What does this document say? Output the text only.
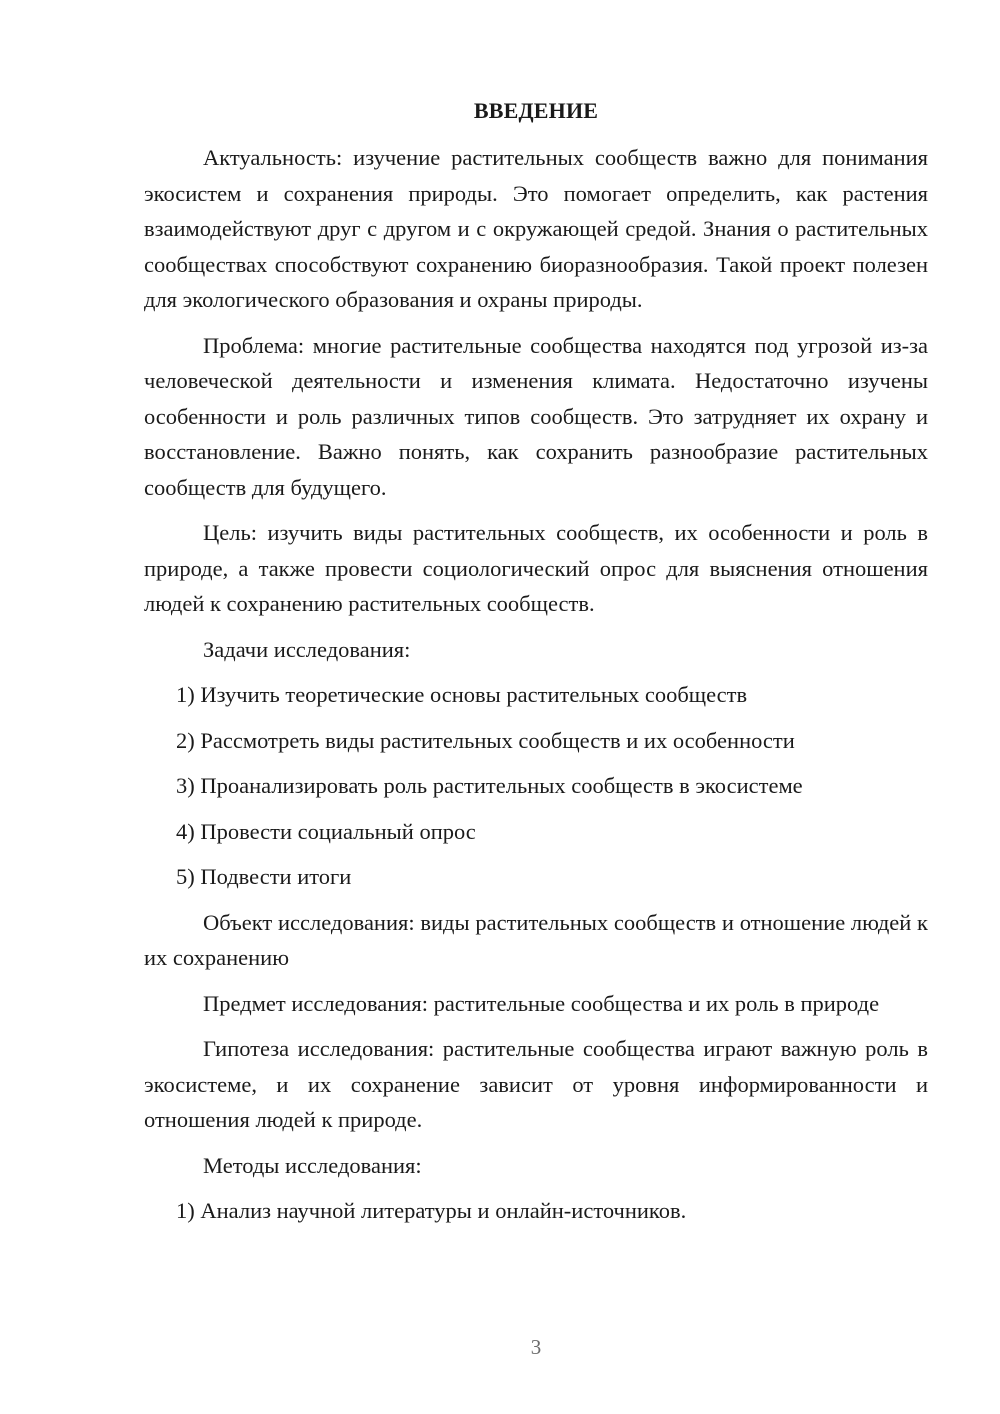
ВВЕДЕНИЕ

Актуальность: изучение растительных сообществ важно для понимания экосистем и сохранения природы. Это помогает определить, как растения взаимодействуют друг с другом и с окружающей средой. Знания о растительных сообществах способствуют сохранению биоразнообразия. Такой проект полезен для экологического образования и охраны природы.

Проблема: многие растительные сообщества находятся под угрозой из-за человеческой деятельности и изменения климата. Недостаточно изучены особенности и роль различных типов сообществ. Это затрудняет их охрану и восстановление. Важно понять, как сохранить разнообразие растительных сообществ для будущего.

Цель: изучить виды растительных сообществ, их особенности и роль в природе, а также провести социологический опрос для выяснения отношения людей к сохранению растительных сообществ.

Задачи исследования:

1) Изучить теоретические основы растительных сообществ

2) Рассмотреть виды растительных сообществ и их особенности

3) Проанализировать роль растительных сообществ в экосистеме

4) Провести социальный опрос

5) Подвести итоги

Объект исследования: виды растительных сообществ и отношение людей к их сохранению

Предмет исследования: растительные сообщества и их роль в природе

Гипотеза исследования: растительные сообщества играют важную роль в экосистеме, и их сохранение зависит от уровня информированности и отношения людей к природе.

Методы исследования:

1) Анализ научной литературы и онлайн-источников.

3
